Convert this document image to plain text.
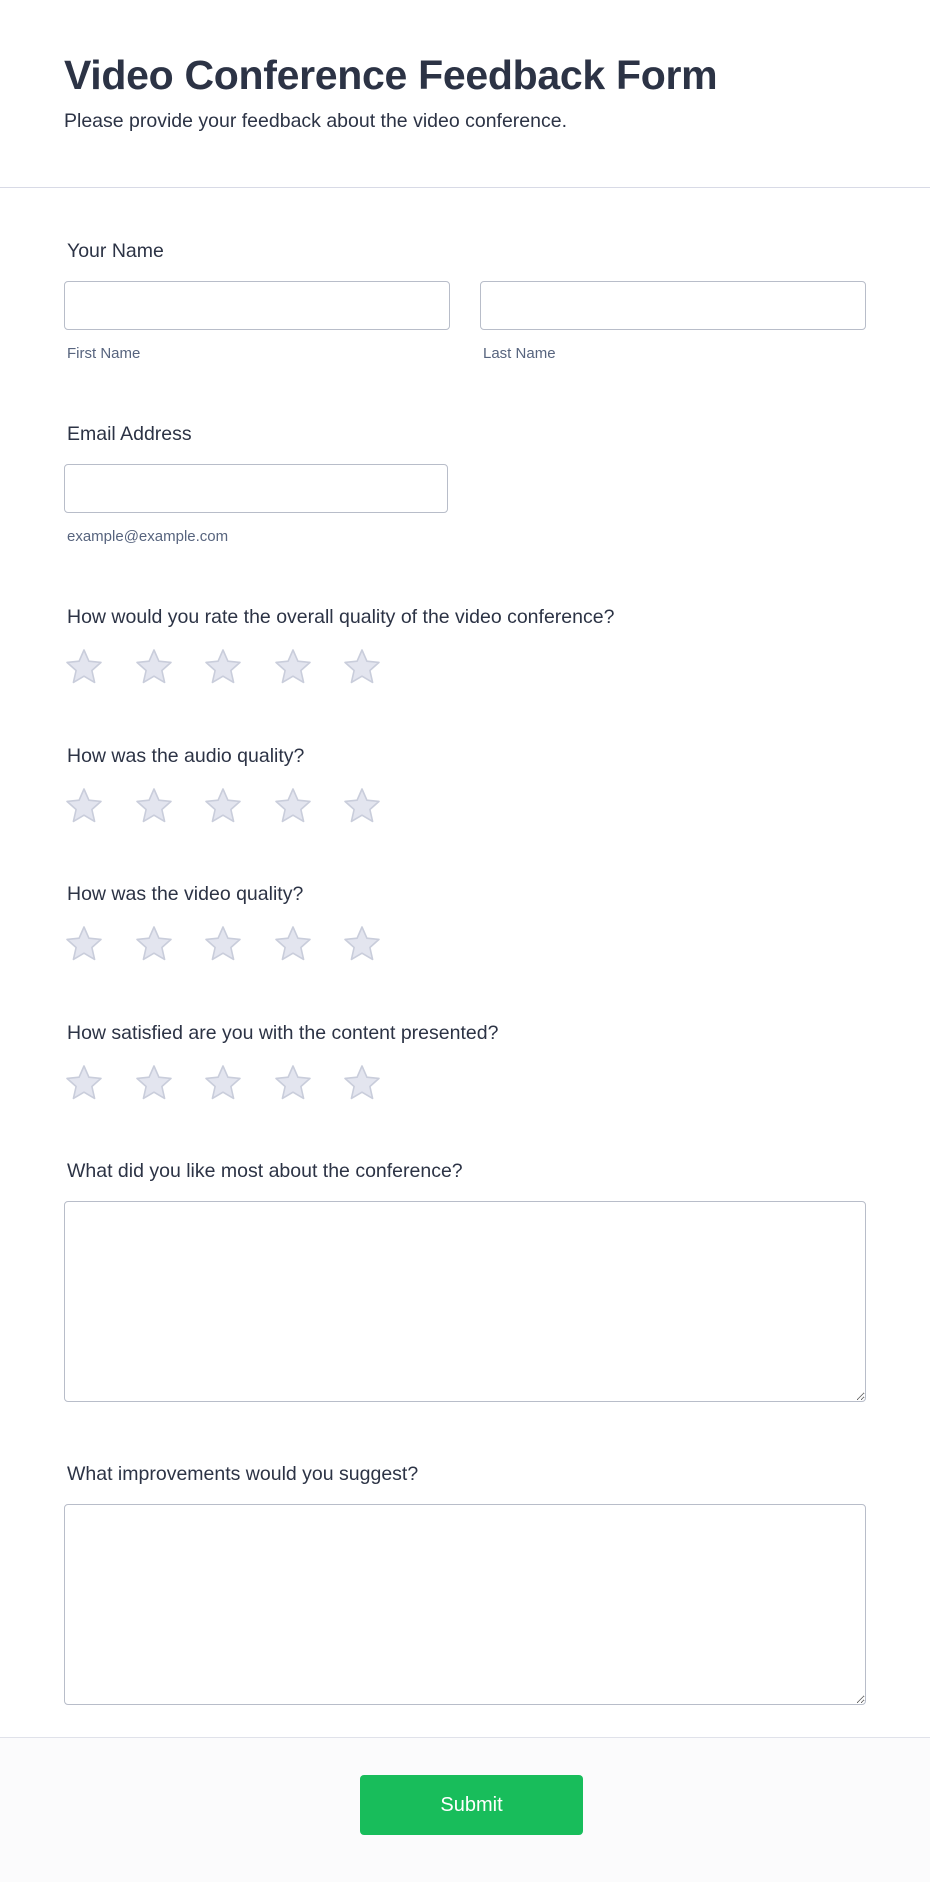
Video Conference Feedback Form

Please provide your feedback about the video conference.

Your Name
First Name	Last Name
Email Address
example@example.com
How would you rate the overall quality of the video conference?
How was the audio quality?
How was the video quality?
How satisfied are you with the content presented?
What did you like most about the conference?
What improvements would you suggest?
Submit
